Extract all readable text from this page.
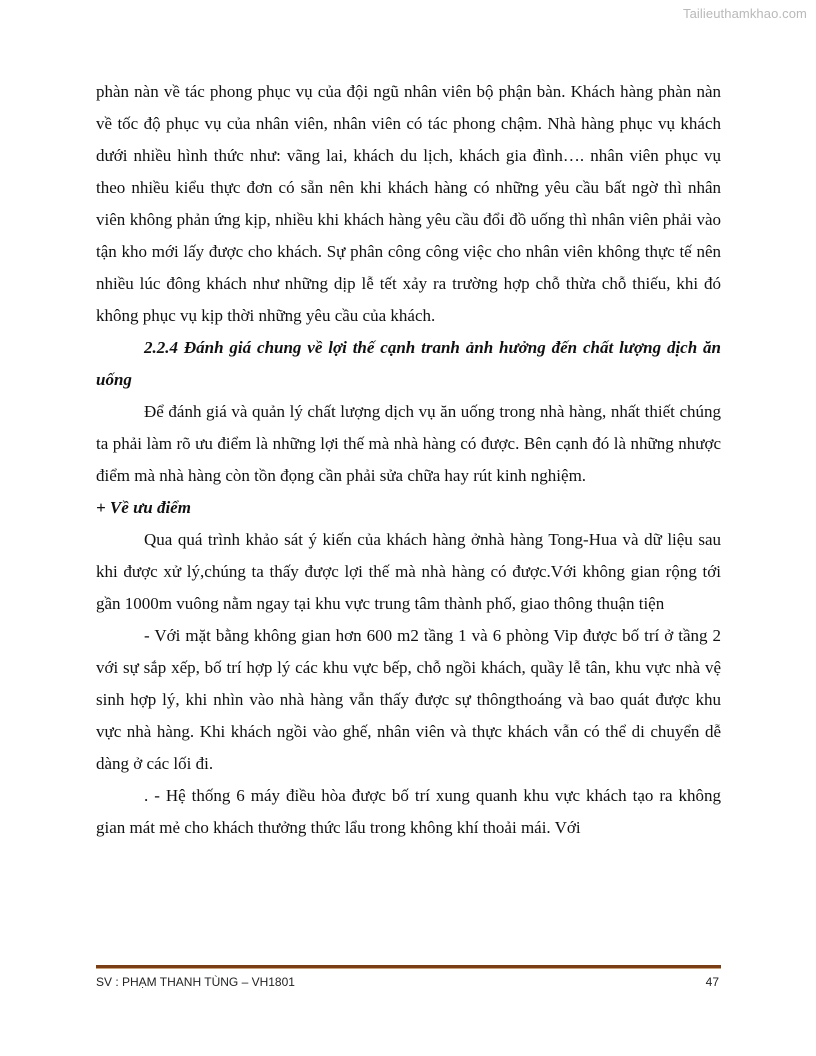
Tailieuthamkhao.com

phàn nàn về tác phong phục vụ của đội ngũ nhân viên bộ phận bàn. Khách hàng phàn nàn về tốc độ phục vụ của nhân viên, nhân viên có tác phong chậm. Nhà hàng phục vụ khách dưới nhiều hình thức như: vãng lai, khách du lịch, khách gia đình…. nhân viên phục vụ theo nhiều kiểu thực đơn có sẵn nên khi khách hàng có những yêu cầu bất ngờ thì nhân viên không phản ứng kịp, nhiều khi khách hàng yêu cầu đổi đồ uống thì nhân viên phải vào tận kho mới lấy được cho khách. Sự phân công công việc cho nhân viên không thực tế nên nhiều lúc đông khách như những dịp lễ tết xảy ra trường hợp chỗ thừa chỗ thiếu, khi đó không phục vụ kịp thời những yêu cầu của khách.

2.2.4 Đánh giá chung về lợi thế cạnh tranh ảnh hưởng đến chất lượng dịch ăn uống

Để đánh giá và quản lý chất lượng dịch vụ ăn uống trong nhà hàng, nhất thiết chúng ta phải làm rõ ưu điểm là những lợi thế mà nhà hàng có được. Bên cạnh đó là những nhược điểm mà nhà hàng còn tồn đọng cần phải sửa chữa hay rút kinh nghiệm.

+ Về ưu điểm

Qua quá trình khảo sát ý kiến của khách hàng ởnhà hàng Tong-Hua và dữ liệu sau khi được xử lý,chúng ta thấy được lợi thế mà nhà hàng có được.Với không gian rộng tới gần 1000m vuông nằm ngay tại khu vực trung tâm thành phố, giao thông thuận tiện

- Với mặt bằng không gian hơn 600 m2 tầng 1 và 6 phòng Vip được bố trí ở tầng 2 với sự sắp xếp, bố trí hợp lý các khu vực bếp, chỗ ngồi khách, quầy lễ tân, khu vực nhà vệ sinh hợp lý, khi nhìn vào nhà hàng vẫn thấy được sự thôngthoáng và bao quát được khu vực nhà hàng. Khi khách ngồi vào ghế, nhân viên và thực khách vẫn có thể di chuyển dễ dàng ở các lối đi.

. - Hệ thống 6 máy điều hòa được bố trí xung quanh khu vực khách tạo ra không gian mát mẻ cho khách thưởng thức lẩu trong không khí thoải mái. Với

SV : PHẠM THANH TÙNG – VH1801	47
